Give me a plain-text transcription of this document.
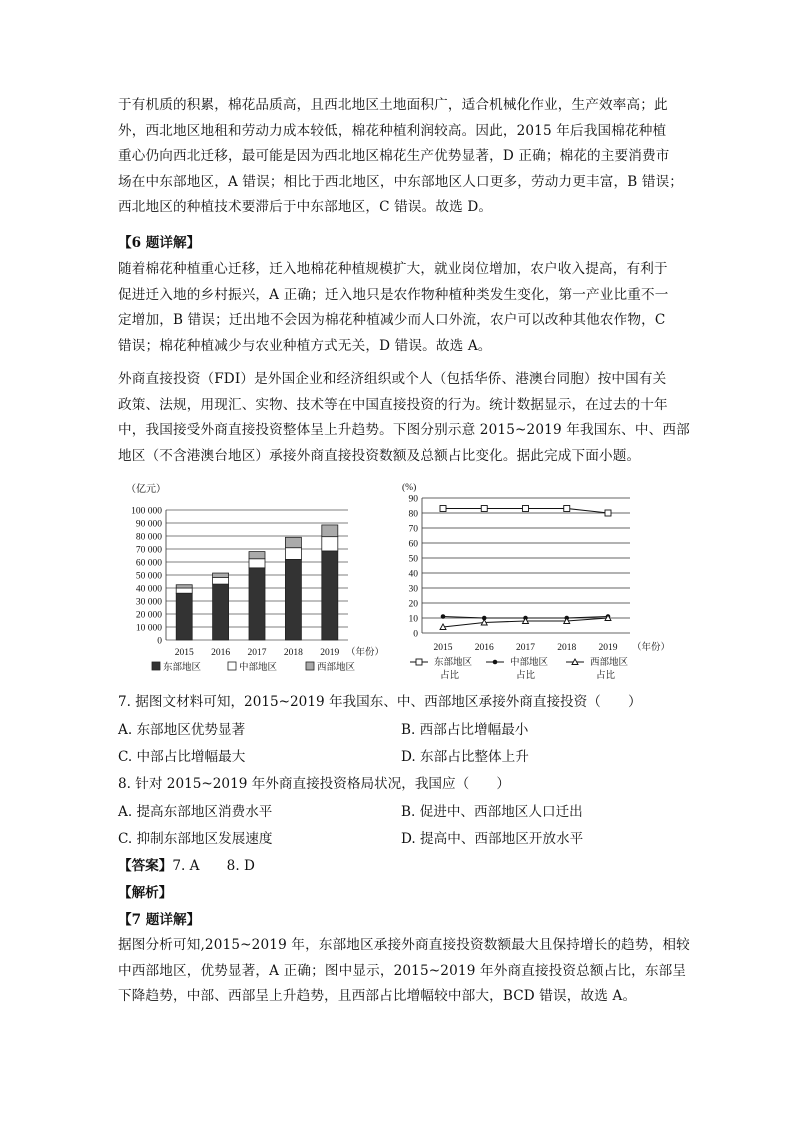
于有机质的积累，棉花品质高，且西北地区土地面积广，适合机械化作业，生产效率高；此
外，西北地区地租和劳动力成本较低，棉花种植利润较高。因此，2015 年后我国棉花种植
重心仍向西北迁移，最可能是因为西北地区棉花生产优势显著，D 正确；棉花的主要消费市
场在中东部地区，A 错误；相比于西北地区，中东部地区人口更多，劳动力更丰富，B 错误；
西北地区的种植技术要滞后于中东部地区，C 错误。故选 D。
【6 题详解】
随着棉花种植重心迁移，迁入地棉花种植规模扩大，就业岗位增加，农户收入提高，有利于
促进迁入地的乡村振兴，A 正确；迁入地只是农作物种植种类发生变化，第一产业比重不一
定增加，B 错误；迁出地不会因为棉花种植减少而人口外流，农户可以改种其他农作物，C
错误；棉花种植减少与农业种植方式无关，D 错误。故选 A。
外商直接投资（FDI）是外国企业和经济组织或个人（包括华侨、港澳台同胞）按中国有关
政策、法规，用现汇、实物、技术等在中国直接投资的行为。统计数据显示，在过去的十年
中，我国接受外商直接投资整体呈上升趋势。下图分别示意 2015~2019 年我国东、中、西部
地区（不含港澳台地区）承接外商直接投资数额及总额占比变化。据此完成下面小题。
（亿元）
0
10 000
20 000
30 000
40 000
50 000
60 000
70 000
80 000
90 000
100 000
2015 2016 2017 2018 2019 （年份）
东部地区	中部地区	西部地区
(%)
0
10
20
30
40
50
60
70
80
90
2015 2016 2017 2018 2019 （年份）
东部地区
占比
中部地区
占比
西部地区
占比
7. 据图文材料可知，2015~2019 年我国东、中、西部地区承接外商直接投资（　　）
A. 东部地区优势显著	B. 西部占比增幅最小
C. 中部占比增幅最大	D. 东部占比整体上升
8. 针对 2015~2019 年外商直接投资格局状况，我国应（　　）
A. 提高东部地区消费水平	B. 促进中、西部地区人口迁出
C. 抑制东部地区发展速度	D. 提高中、西部地区开放水平
【答案】7. A　　8. D
【解析】
【7 题详解】
据图分析可知,2015~2019 年，东部地区承接外商直接投资数额最大且保持增长的趋势，相较
中西部地区，优势显著，A 正确；图中显示，2015~2019 年外商直接投资总额占比，东部呈
下降趋势，中部、西部呈上升趋势，且西部占比增幅较中部大，BCD 错误，故选 A。
